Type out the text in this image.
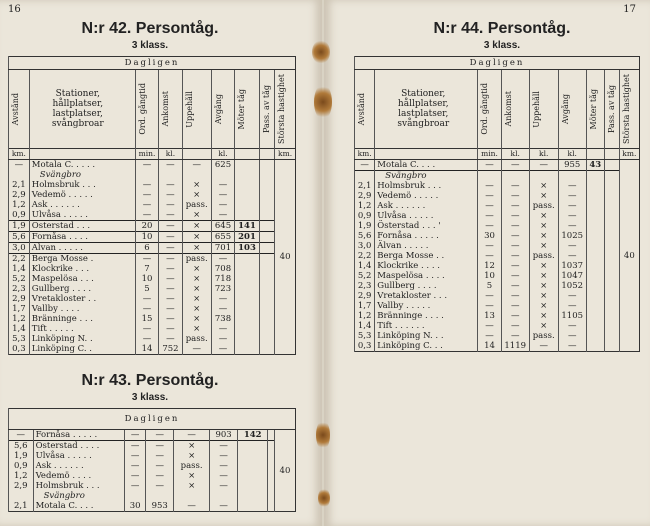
16
N:r 42. Persontåg.
3 klass.
Dagligen								

Avstånd	Stationer, hållplatser, lastplatser, svångbroar	Ord. gångtid	Ankomst	Uppehåll	Avgång	Möter tåg	Pass. av tåg	Största hastighet

km.		min.	kl.		kl.			km.
—	Motala C. . . . .	—	—	—	625			40
	Svängbro							
2,1	Holmsbruk . . .	—	—	×	—			
2,9	Vedemö . . . . .	—	—	×	—			
1,2	Ask . . . . . .	—	—	pass.	—			
0,9	Ulvåsa . . . . .	—	—	×	—			
1,9	Österstad . . .	20	—	×	645	141		
5,6	Fornåsa . . . .	10	—	×	655	201		
3,0	Älvan . . . . .	6	—	×	701	103		
2,2	Berga Mosse .	—	—	pass.	—			
1,4	Klockrike . . .	7	—	×	708			
5,2	Maspelösa . . .	10	—	×	718			
2,3	Gullberg . . . .	5	—	×	723			
2,9	Vretakloster . .	—	—	×	—			
1,7	Vallby . . . .	—	—	×	—			
1,2	Bränninge . . .	15	—	×	738			
1,4	Tift . . . . .	—	—	×	—			
5,3	Linköping N. .	—	—	pass.	—			
0,3	Linköping C. .	14	752	—	—			
N:r 43. Persontåg.
3 klass.
Dagligen								
—	Fornåsa . . . . .	—	—	—	903	142		40
5,6	Österstad . . . .	—	—	×	—			
1,9	Ulvåsa . . . . .	—	—	×	—			
0,9	Ask . . . . . .	—	—	pass.	—			
1,2	Vedemö . . . .	—	—	×	—			
2,9	Holmsbruk . . .	—	—	×	—			
	Svängbro							
2,1	Motala C. . . .	30	953	—	—			
17
N:r 44. Persontåg.
3 klass.
Dagligen								

Avstånd	Stationer, hållplatser, lastplatser, svångbroar	Ord. gångtid	Ankomst	Uppehåll	Avgång	Möter tåg	Pass. av tåg	Största hastighet

km.		min.	kl.	kl.	kl.			km.
—	Motala C. . . .	—	—	—	955	43		40
	Svängbro							
2,1	Holmsbruk . . .	—	—	×	—			
2,9	Vedemö . . . . .	—	—	×	—			
1,2	Ask . . . . . .	—	—	pass.	—			
0,9	Ulvåsa . . . . .	—	—	×	—			
1,9	Österstad . . . '	—	—	×	—			
5,6	Fornåsa . . . . .	30	—	×	1025			
3,0	Älvan . . . . .	—	—	×	—			
2,2	Berga Mosse . .	—	—	pass.	—			
1,4	Klockrike . . . .	12	—	×	1037			
5,2	Maspelösa . . . .	10	—	×	1047			
2,3	Gullberg . . . .	5	—	×	1052			
2,9	Vretakloster . . .	—	—	×	—			
1,7	Vallby . . . . .	—	—	×	—			
1,2	Bränninge . . . .	13	—	×	1105			
1,4	Tift . . . . . .	—	—	×	—			
5,3	Linköping N. . .	—	—	pass.	—			
0,3	Linköping C. . .	14	1119	—	—			
